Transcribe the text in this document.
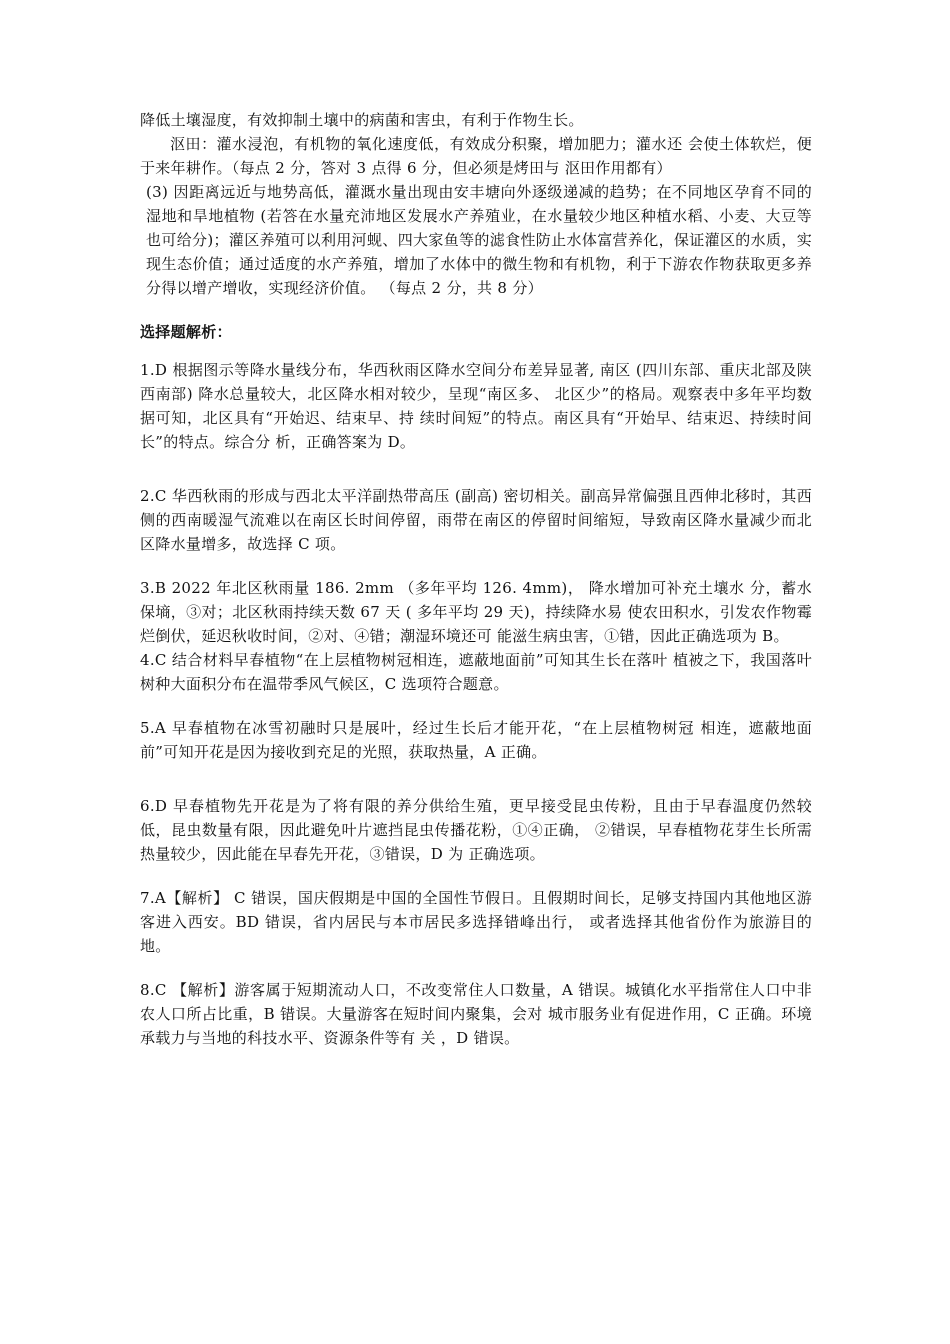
降低土壤湿度，有效抑制土壤中的病菌和害虫，有利于作物生长。

沤田：灌水浸泡，有机物的氧化速度低，有效成分积聚，增加肥力；灌水还 会使土体软烂，便于来年耕作。（每点 2 分，答对 3 点得 6 分，但必须是烤田与 沤田作用都有）

(3) 因距离远近与地势高低，灌溉水量出现由安丰塘向外逐级递减的趋势；在不同地区孕育不同的湿地和旱地植物 (若答在水量充沛地区发展水产养殖业，在水量较少地区种植水稻、小麦、大豆等也可给分)；灌区养殖可以利用河蚬、四大家鱼等的滤食性防止水体富营养化，保证灌区的水质，实现生态价值；通过适度的水产养殖，增加了水体中的微生物和有机物，利于下游农作物获取更多养分得以增产增收，实现经济价值。 （每点 2 分，共 8 分）

选择题解析：

1.D 根据图示等降水量线分布，华西秋雨区降水空间分布差异显著, 南区 (四川东部、重庆北部及陕西南部) 降水总量较大，北区降水相对较少，呈现“南区多、 北区少”的格局。观察表中多年平均数据可知，北区具有“开始迟、结束早、持 续时间短”的特点。南区具有“开始早、结束迟、持续时间长”的特点。综合分 析，正确答案为 D。

2.C 华西秋雨的形成与西北太平洋副热带高压 (副高) 密切相关。副高异常偏强且西伸北移时，其西侧的西南暖湿气流难以在南区长时间停留，雨带在南区的停留时间缩短，导致南区降水量减少而北区降水量增多，故选择 C 项。

3.B 2022 年北区秋雨量 186. 2mm （多年平均 126. 4mm)， 降水增加可补充土壤水 分，蓄水保墒，③对；北区秋雨持续天数 67 天 ( 多年平均 29 天)，持续降水易 使农田积水，引发农作物霉烂倒伏，延迟秋收时间，②对、④错；潮湿环境还可 能滋生病虫害，①错，因此正确选项为 B。

4.C 结合材料早春植物“在上层植物树冠相连，遮蔽地面前”可知其生长在落叶 植被之下，我国落叶树种大面积分布在温带季风气候区，C 选项符合题意。

5.A 早春植物在冰雪初融时只是展叶，经过生长后才能开花，“在上层植物树冠 相连，遮蔽地面前”可知开花是因为接收到充足的光照，获取热量，A 正确。

6.D 早春植物先开花是为了将有限的养分供给生殖，更早接受昆虫传粉，且由于早春温度仍然较低，昆虫数量有限，因此避免叶片遮挡昆虫传播花粉，①④正确， ②错误，早春植物花芽生长所需热量较少，因此能在早春先开花，③错误，D 为 正确选项。

7.A【解析】 C 错误，国庆假期是中国的全国性节假日。且假期时间长，足够支持国内其他地区游客进入西安。BD 错误，省内居民与本市居民多选择错峰出行， 或者选择其他省份作为旅游目的地。

8.C 【解析】游客属于短期流动人口，不改变常住人口数量，A 错误。城镇化水平指常住人口中非农人口所占比重，B 错误。大量游客在短时间内聚集，会对 城市服务业有促进作用，C 正确。环境承载力与当地的科技水平、资源条件等有 关 ，D 错误。
